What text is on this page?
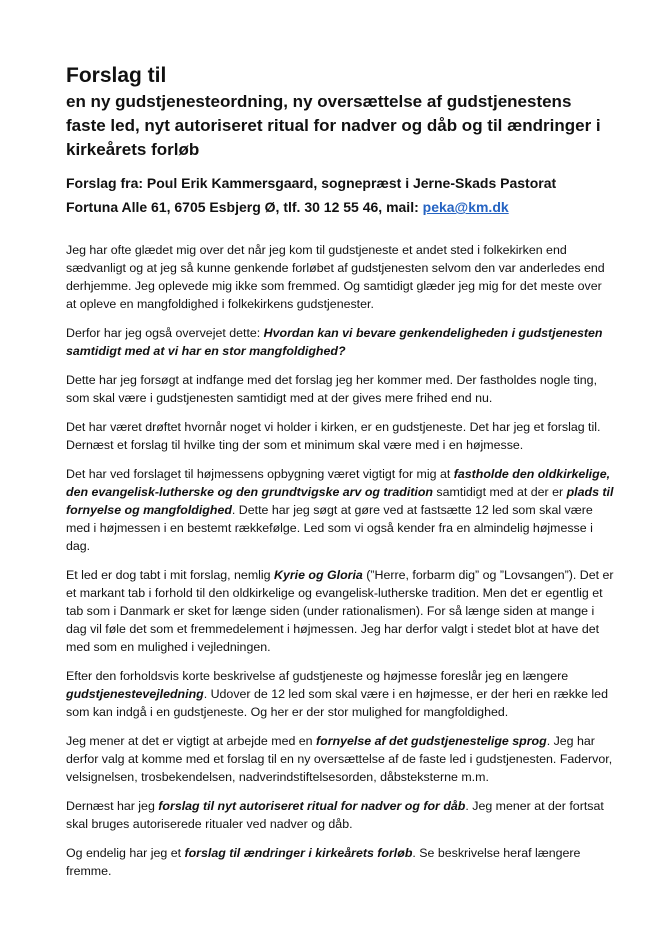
Forslag til
en ny gudstjenesteordning, ny oversættelse af gudstjenestens faste led, nyt autoriseret ritual for nadver og dåb og til ændringer i kirkeårets forløb
Forslag fra: Poul Erik Kammersgaard, sognepræst i Jerne-Skads Pastorat
Fortuna Alle 61, 6705 Esbjerg Ø, tlf. 30 12 55 46, mail: peka@km.dk

Jeg har ofte glædet mig over det når jeg kom til gudstjeneste et andet sted i folkekirken end sædvanligt og at jeg så kunne genkende forløbet af gudstjenesten selvom den var anderledes end derhjemme. Jeg oplevede mig ikke som fremmed. Og samtidigt glæder jeg mig for det meste over at opleve en mangfoldighed i folkekirkens gudstjenester.

Derfor har jeg også overvejet dette: Hvordan kan vi bevare genkendeligheden i gudstjenesten samtidigt med at vi har en stor mangfoldighed?

Dette har jeg forsøgt at indfange med det forslag jeg her kommer med. Der fastholdes nogle ting, som skal være i gudstjenesten samtidigt med at der gives mere frihed end nu.

Det har været drøftet hvornår noget vi holder i kirken, er en gudstjeneste. Det har jeg et forslag til. Dernæst et forslag til hvilke ting der som et minimum skal være med i en højmesse.

Det har ved forslaget til højmessens opbygning været vigtigt for mig at fastholde den oldkirkelige, den evangelisk-lutherske og den grundtvigske arv og tradition samtidigt med at der er plads til fornyelse og mangfoldighed. Dette har jeg søgt at gøre ved at fastsætte 12 led som skal være med i højmessen i en bestemt rækkefølge. Led som vi også kender fra en almindelig højmesse i dag.

Et led er dog tabt i mit forslag, nemlig Kyrie og Gloria (”Herre, forbarm dig” og ”Lovsangen”). Det er et markant tab i forhold til den oldkirkelige og evangelisk-lutherske tradition. Men det er egentlig et tab som i Danmark er sket for længe siden (under rationalismen). For så længe siden at mange i dag vil føle det som et fremmedelement i højmessen. Jeg har derfor valgt i stedet blot at have det med som en mulighed i vejledningen.

Efter den forholdsvis korte beskrivelse af gudstjeneste og højmesse foreslår jeg en længere gudstjenestevejledning. Udover de 12 led som skal være i en højmesse, er der heri en række led som kan indgå i en gudstjeneste. Og her er der stor mulighed for mangfoldighed.

Jeg mener at det er vigtigt at arbejde med en fornyelse af det gudstjenestelige sprog. Jeg har derfor valg at komme med et forslag til en ny oversættelse af de faste led i gudstjenesten. Fadervor, velsignelsen, trosbekendelsen, nadverindstiftelsesorden, dåbsteksterne m.m.

Dernæst har jeg forslag til nyt autoriseret ritual for nadver og for dåb. Jeg mener at der fortsat skal bruges autoriserede ritualer ved nadver og dåb.

Og endelig har jeg et forslag til ændringer i kirkeårets forløb. Se beskrivelse heraf længere fremme.
